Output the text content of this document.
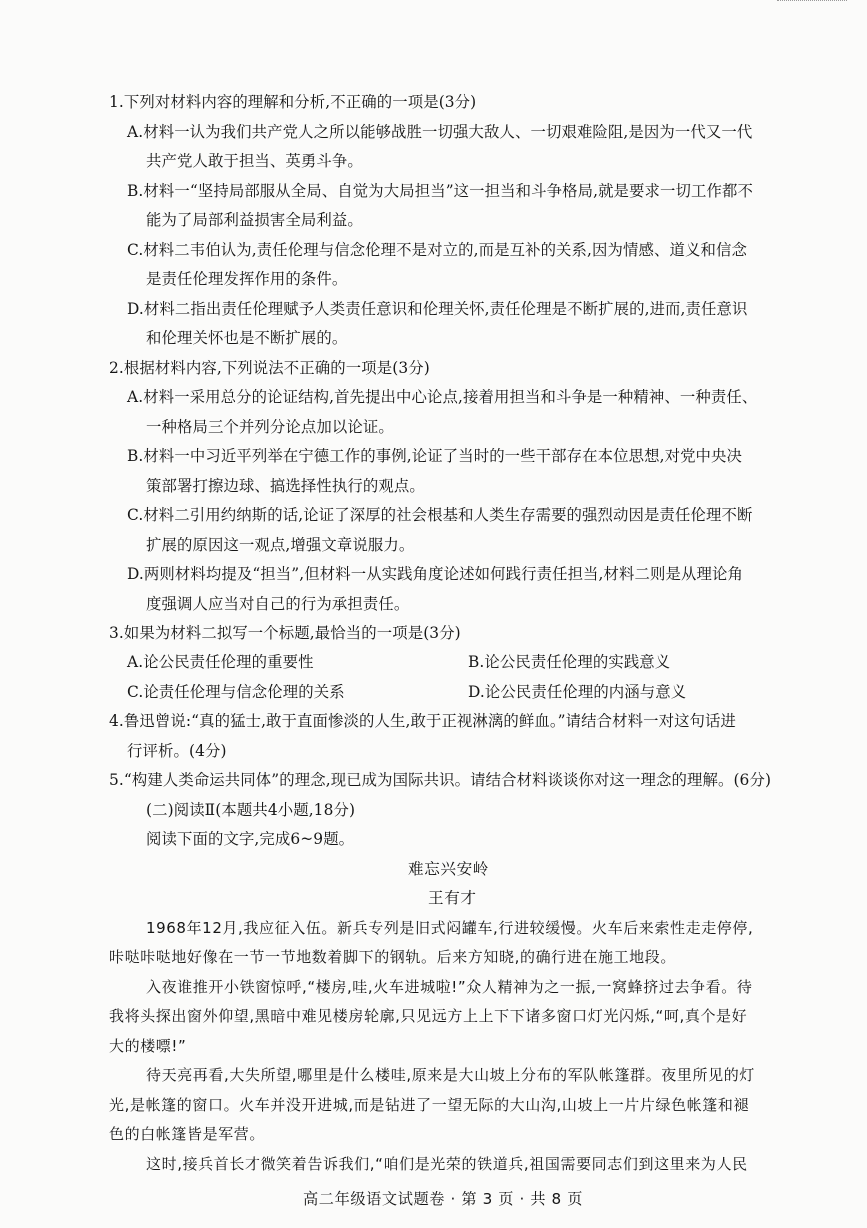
1.下列对材料内容的理解和分析,不正确的一项是(3分)

A.材料一认为我们共产党人之所以能够战胜一切强大敌人、一切艰难险阻,是因为一代又一代

共产党人敢于担当、英勇斗争。

B.材料一“坚持局部服从全局、自觉为大局担当”这一担当和斗争格局,就是要求一切工作都不

能为了局部利益损害全局利益。

C.材料二韦伯认为,责任伦理与信念伦理不是对立的,而是互补的关系,因为情感、道义和信念

是责任伦理发挥作用的条件。

D.材料二指出责任伦理赋予人类责任意识和伦理关怀,责任伦理是不断扩展的,进而,责任意识

和伦理关怀也是不断扩展的。

2.根据材料内容,下列说法不正确的一项是(3分)

A.材料一采用总分的论证结构,首先提出中心论点,接着用担当和斗争是一种精神、一种责任、

一种格局三个并列分论点加以论证。

B.材料一中习近平列举在宁德工作的事例,论证了当时的一些干部存在本位思想,对党中央决

策部署打擦边球、搞选择性执行的观点。

C.材料二引用约纳斯的话,论证了深厚的社会根基和人类生存需要的强烈动因是责任伦理不断

扩展的原因这一观点,增强文章说服力。

D.两则材料均提及“担当”,但材料一从实践角度论述如何践行责任担当,材料二则是从理论角

度强调人应当对自己的行为承担责任。

3.如果为材料二拟写一个标题,最恰当的一项是(3分)

A.论公民责任伦理的重要性	B.论公民责任伦理的实践意义

C.论责任伦理与信念伦理的关系	D.论公民责任伦理的内涵与意义

4.鲁迅曾说:“真的猛士,敢于直面惨淡的人生,敢于正视淋漓的鲜血。”请结合材料一对这句话进

行评析。(4分)

5.“构建人类命运共同体”的理念,现已成为国际共识。请结合材料谈谈你对这一理念的理解。(6分)

(二)阅读Ⅱ(本题共4小题,18分)

阅读下面的文字,完成6~9题。

难忘兴安岭

王有才

1968年12月,我应征入伍。新兵专列是旧式闷罐车,行进较缓慢。火车后来索性走走停停,

咔哒咔哒地好像在一节一节地数着脚下的钢轨。后来方知晓,的确行进在施工地段。

入夜谁推开小铁窗惊呼,“楼房,哇,火车进城啦!”众人精神为之一振,一窝蜂挤过去争看。待

我将头探出窗外仰望,黑暗中难见楼房轮廓,只见远方上上下下诸多窗口灯光闪烁,“呵,真个是好

大的楼嘌!”

待天亮再看,大失所望,哪里是什么楼哇,原来是大山坡上分布的军队帐篷群。夜里所见的灯

光,是帐篷的窗口。火车并没开进城,而是钻进了一望无际的大山沟,山坡上一片片绿色帐篷和褪

色的白帐篷皆是军营。

这时,接兵首长才微笑着告诉我们,“咱们是光荣的铁道兵,祖国需要同志们到这里来为人民

高二年级语文试题卷 · 第 3 页 · 共 8 页
